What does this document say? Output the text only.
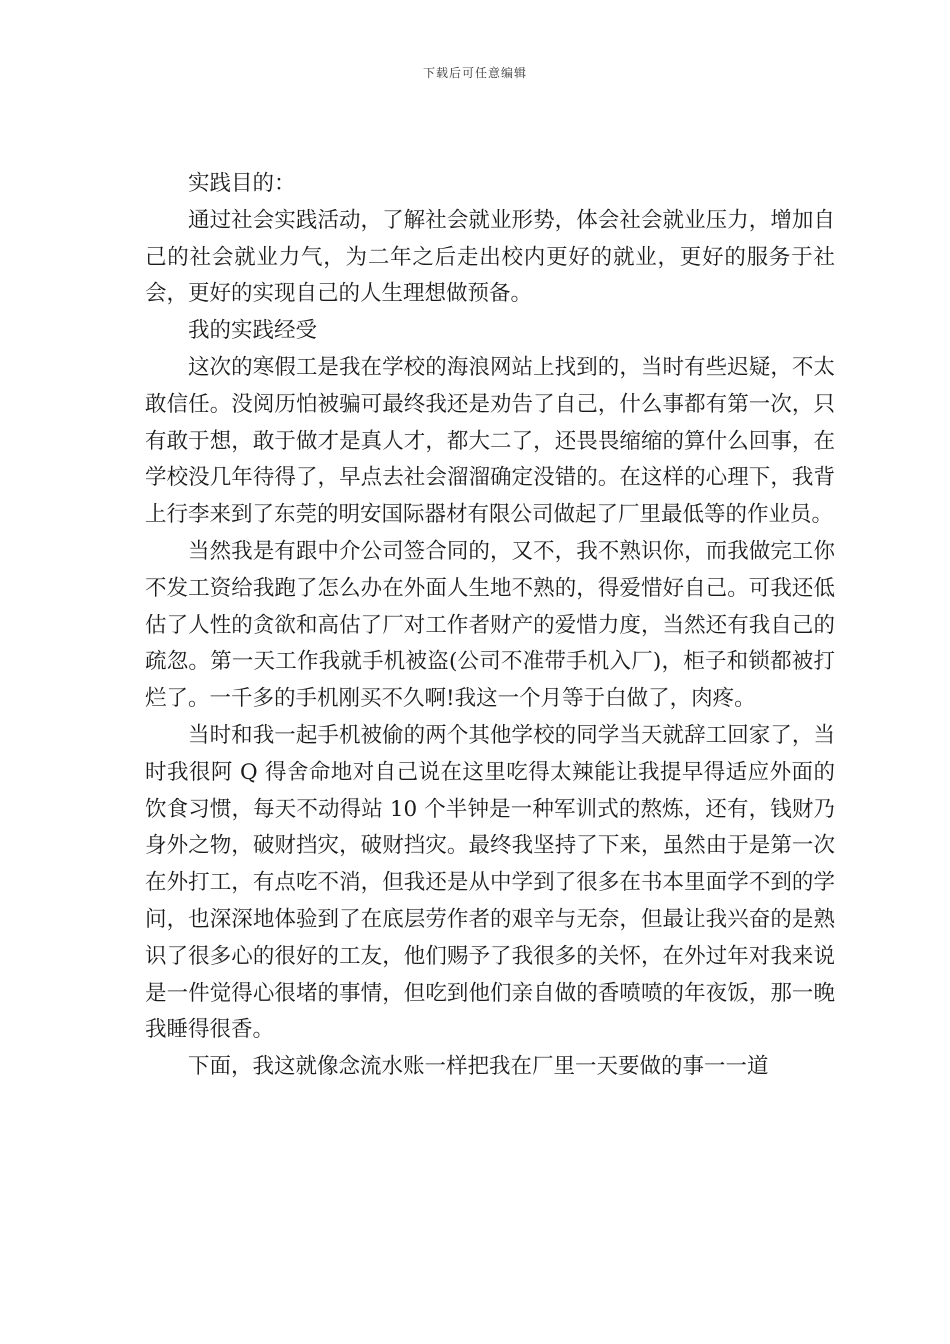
下载后可任意编辑

实践目的：

通过社会实践活动，了解社会就业形势，体会社会就业压力，增加自己的社会就业力气，为二年之后走出校内更好的就业，更好的服务于社会，更好的实现自己的人生理想做预备。

我的实践经受

这次的寒假工是我在学校的海浪网站上找到的，当时有些迟疑，不太敢信任。没阅历怕被骗可最终我还是劝告了自己，什么事都有第一次，只有敢于想，敢于做才是真人才，都大二了，还畏畏缩缩的算什么回事，在学校没几年待得了，早点去社会溜溜确定没错的。在这样的心理下，我背上行李来到了东莞的明安国际器材有限公司做起了厂里最低等的作业员。

当然我是有跟中介公司签合同的，又不，我不熟识你，而我做完工你不发工资给我跑了怎么办在外面人生地不熟的，得爱惜好自己。可我还低估了人性的贪欲和高估了厂对工作者财产的爱惜力度，当然还有我自己的疏忽。第一天工作我就手机被盗(公司不准带手机入厂)，柜子和锁都被打烂了。一千多的手机刚买不久啊!我这一个月等于白做了，肉疼。

当时和我一起手机被偷的两个其他学校的同学当天就辞工回家了，当时我很阿 Q 得舍命地对自己说在这里吃得太辣能让我提早得适应外面的饮食习惯，每天不动得站 10 个半钟是一种军训式的熬炼，还有，钱财乃身外之物，破财挡灾，破财挡灾。最终我坚持了下来，虽然由于是第一次在外打工，有点吃不消，但我还是从中学到了很多在书本里面学不到的学问，也深深地体验到了在底层劳作者的艰辛与无奈，但最让我兴奋的是熟识了很多心的很好的工友，他们赐予了我很多的关怀，在外过年对我来说是一件觉得心很堵的事情，但吃到他们亲自做的香喷喷的年夜饭，那一晚我睡得很香。

下面，我这就像念流水账一样把我在厂里一天要做的事一一道
